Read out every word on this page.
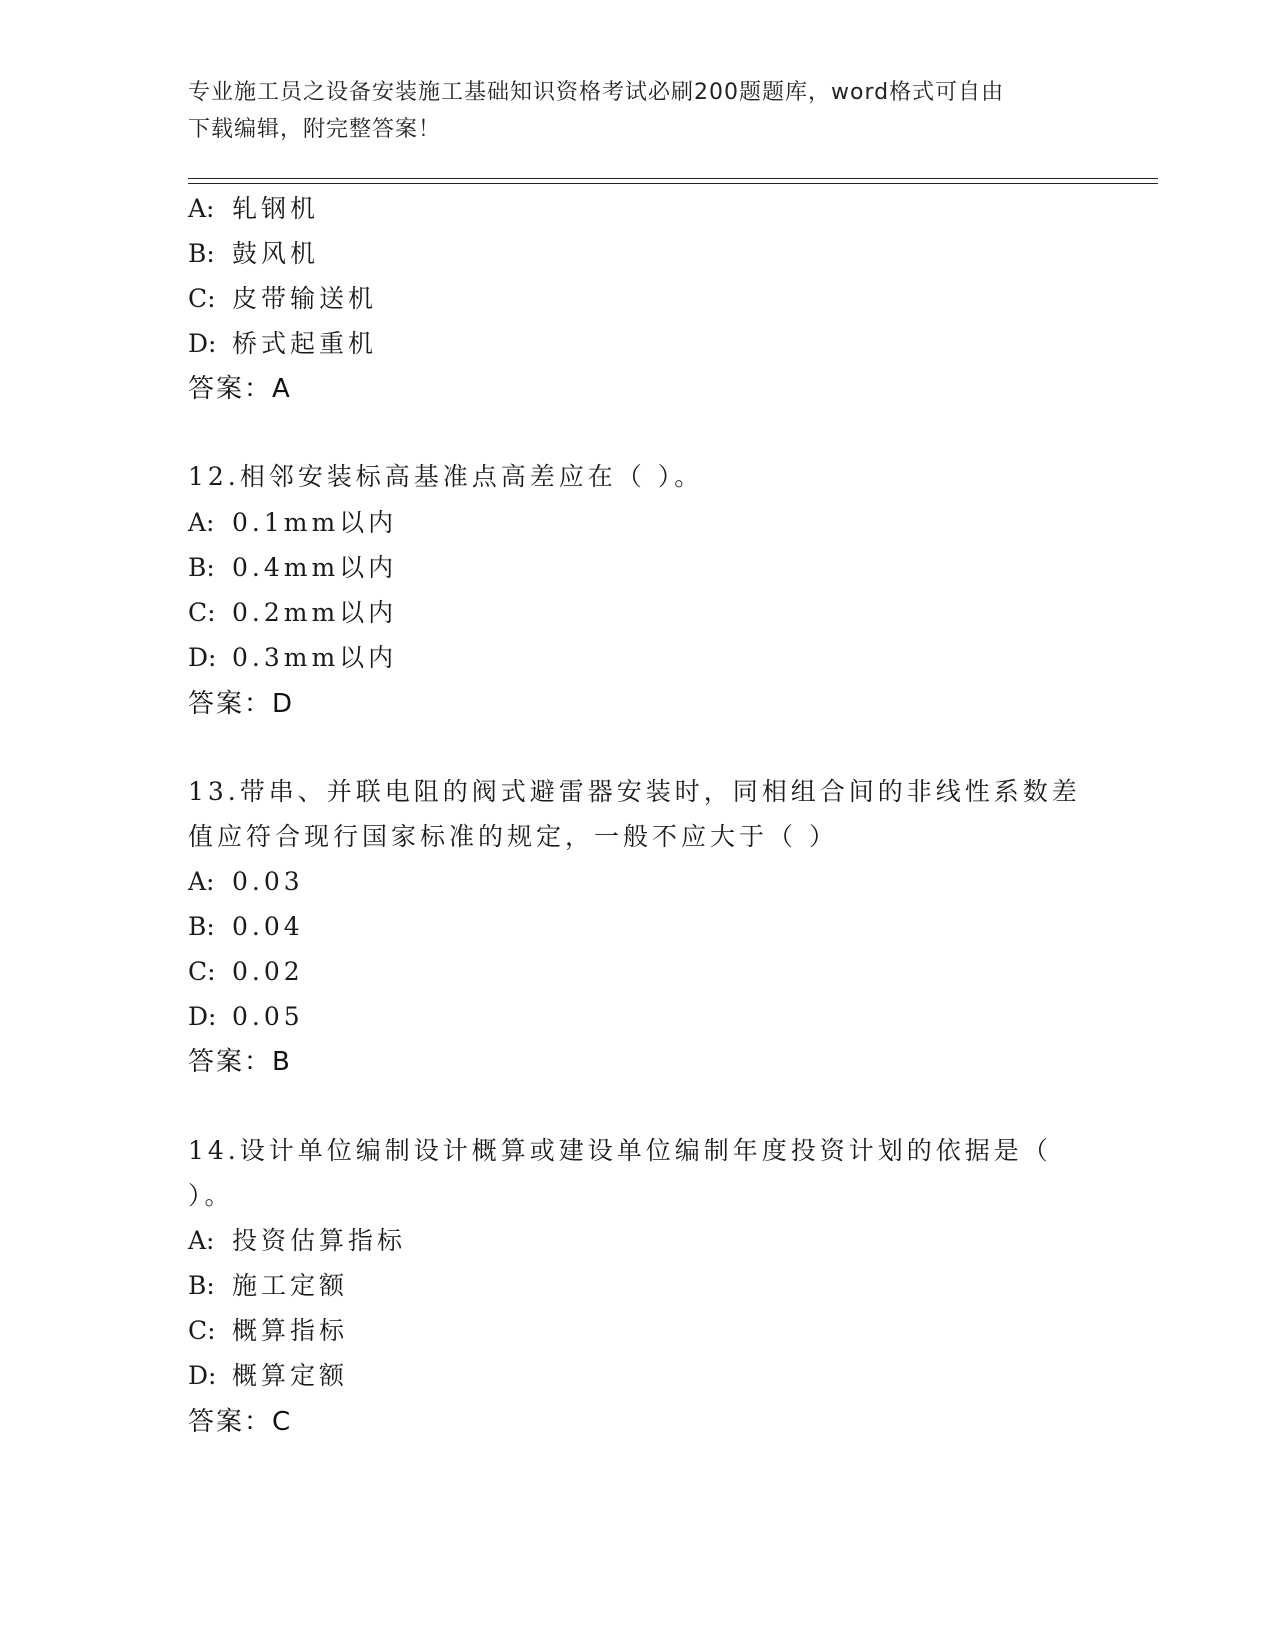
专业施工员之设备安装施工基础知识资格考试必刷200题题库，word格式可自由
下载编辑，附完整答案！
A: 轧钢机
B: 鼓风机
C: 皮带输送机
D: 桥式起重机
答案：A
12.相邻安装标高基准点高差应在（ ）。
A: 0.1mm以内
B: 0.4mm以内
C: 0.2mm以内
D: 0.3mm以内
答案：D
13.带串、并联电阻的阀式避雷器安装时，同相组合间的非线性系数差
值应符合现行国家标准的规定，一般不应大于（ ）
A: 0.03
B: 0.04
C: 0.02
D: 0.05
答案：B
14.设计单位编制设计概算或建设单位编制年度投资计划的依据是（
）。
A: 投资估算指标
B: 施工定额
C: 概算指标
D: 概算定额
答案：C
